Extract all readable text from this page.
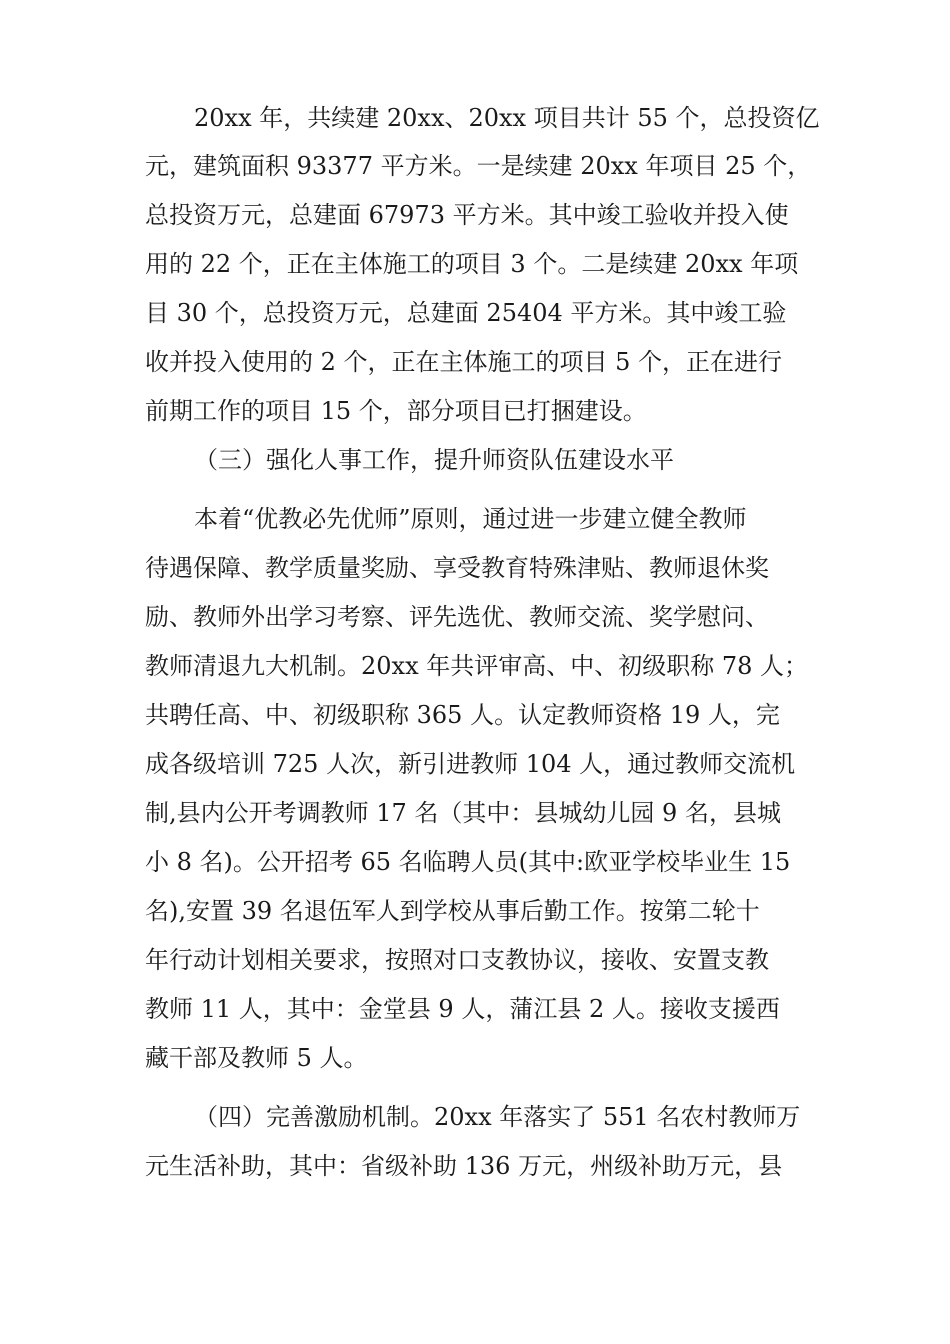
20xx 年，共续建 20xx、20xx 项目共计 55 个，总投资亿
元，建筑面积 93377 平方米。一是续建 20xx 年项目 25 个，
总投资万元，总建面 67973 平方米。其中竣工验收并投入使
用的 22 个，正在主体施工的项目 3 个。二是续建 20xx 年项
目 30 个，总投资万元，总建面 25404 平方米。其中竣工验
收并投入使用的 2 个，正在主体施工的项目 5 个，正在进行
前期工作的项目 15 个，部分项目已打捆建设。
（三）强化人事工作，提升师资队伍建设水平
本着“优教必先优师”原则，通过进一步建立健全教师
待遇保障、教学质量奖励、享受教育特殊津贴、教师退休奖
励、教师外出学习考察、评先选优、教师交流、奖学慰问、
教师清退九大机制。20xx 年共评审高、中、初级职称 78 人；
共聘任高、中、初级职称 365 人。认定教师资格 19 人，完
成各级培训 725 人次，新引进教师 104 人，通过教师交流机
制,县内公开考调教师 17 名（其中：县城幼儿园 9 名，县城
小 8 名)。公开招考 65 名临聘人员(其中:欧亚学校毕业生 15
名),安置 39 名退伍军人到学校从事后勤工作。按第二轮十
年行动计划相关要求，按照对口支教协议，接收、安置支教
教师 11 人，其中：金堂县 9 人，蒲江县 2 人。接收支援西
藏干部及教师 5 人。
（四）完善激励机制。20xx 年落实了 551 名农村教师万
元生活补助，其中：省级补助 136 万元，州级补助万元，县
